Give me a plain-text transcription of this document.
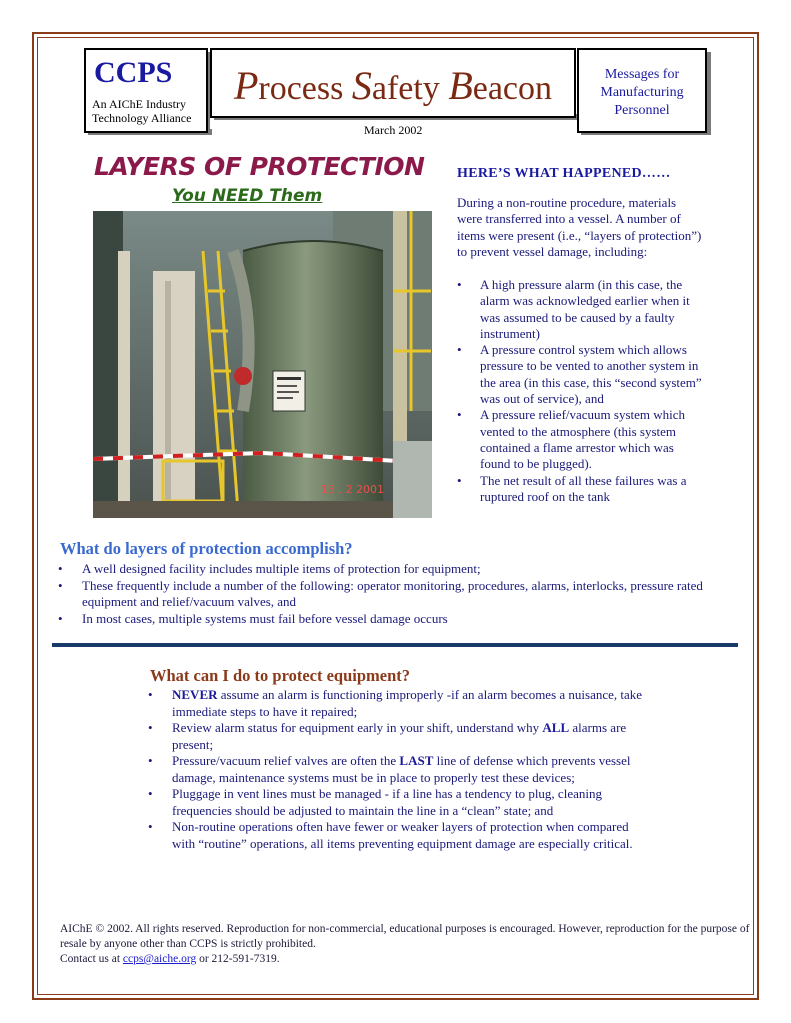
CCPS
An AIChE Industry
Technology Alliance
Process Safety Beacon	Messages for
Manufacturing
Personnel
March 2002
LAYERS OF PROTECTION
You NEED Them
13 . 2 2001
HERE’S WHAT HAPPENED……
During a non-routine procedure, materials were transferred into a vessel. A number of items were present (i.e., “layers of protection”) to prevent vessel damage, including:
• A high pressure alarm (in this case, the alarm was acknowledged earlier when it was assumed to be caused by a faulty instrument)
• A pressure control system which allows pressure to be vented to another system in the area (in this case, this “second system” was out of service), and
• A pressure relief/vacuum system which vented to the atmosphere (this system contained a flame arrestor which was found to be plugged).
• The net result of all these failures was a ruptured roof on the tank
What do layers of protection accomplish?
• A well designed facility includes multiple items of protection for equipment;
• These frequently include a number of the following: operator monitoring, procedures, alarms, interlocks, pressure rated equipment and relief/vacuum valves, and
• In most cases, multiple systems must fail before vessel damage occurs
What can I do to protect equipment?
• NEVER assume an alarm is functioning improperly -if an alarm becomes a nuisance, take immediate steps to have it repaired;
• Review alarm status for equipment early in your shift, understand why ALL alarms are present;
• Pressure/vacuum relief valves are often the LAST line of defense which prevents vessel damage, maintenance systems must be in place to properly test these devices;
• Pluggage in vent lines must be managed - if a line has a tendency to plug, cleaning frequencies should be adjusted to maintain the line in a “clean” state; and
• Non-routine operations often have fewer or weaker layers of protection when compared with “routine” operations, all items preventing equipment damage are especially critical.
AIChE © 2002. All rights reserved. Reproduction for non-commercial, educational purposes is encouraged. However, reproduction for the purpose of resale by anyone other than CCPS is strictly prohibited.
Contact us at ccps@aiche.org or 212-591-7319.
